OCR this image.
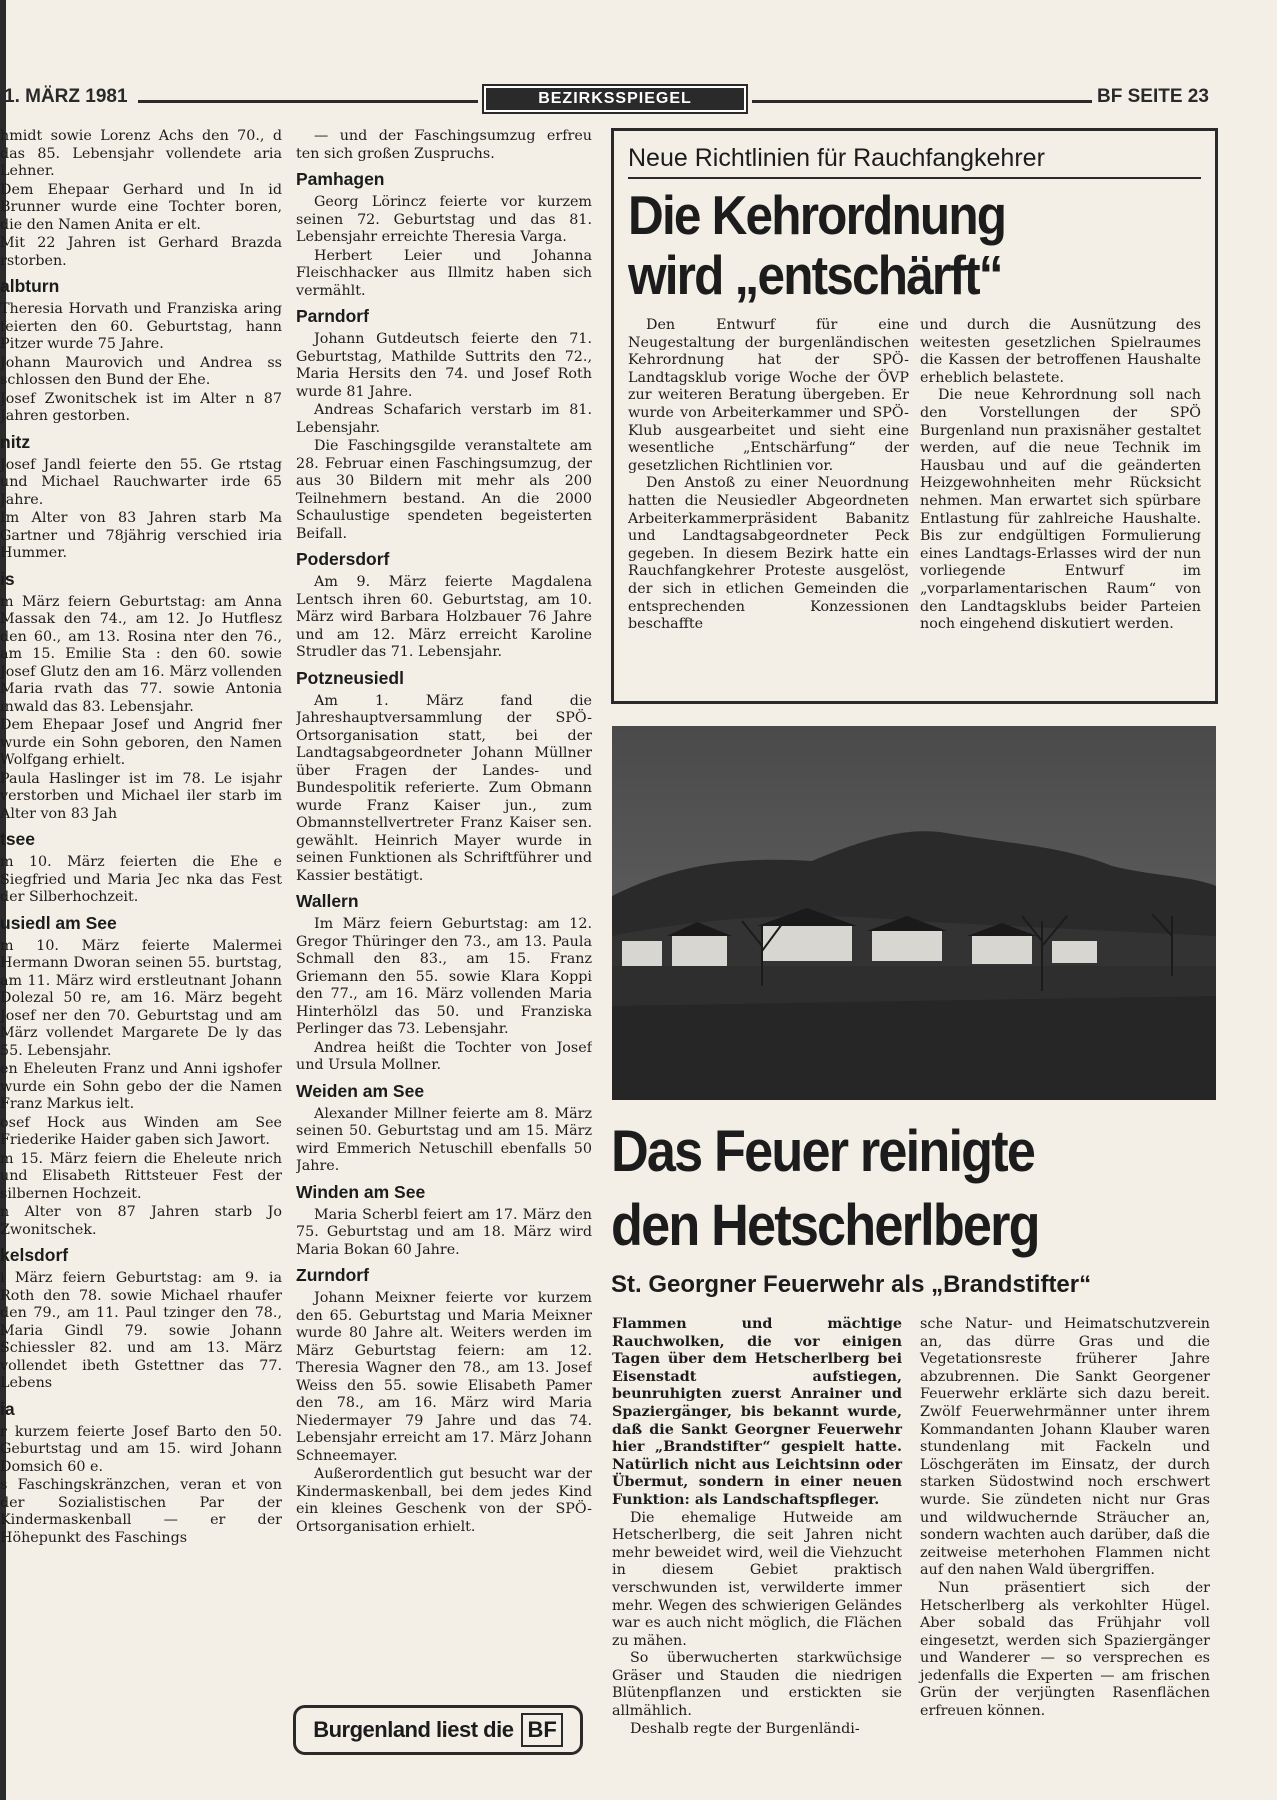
1. MÄRZ 1981	BEZIRKSSPIEGEL	BF SEITE 23

hmidt sowie Lorenz Achs den 70., d das 85. Lebensjahr vollendete aria Lehner.

Dem Ehepaar Gerhard und In id Brunner wurde eine Tochter boren, die den Namen Anita er elt.

Mit 22 Jahren ist Gerhard Brazda rstorben.

albturn

Theresia Horvath und Franziska aring feierten den 60. Geburtstag, hann Pitzer wurde 75 Jahre.

Johann Maurovich und Andrea ss schlossen den Bund der Ehe.

Josef Zwonitschek ist im Alter n 87 Jahren gestorben.

nitz

Josef Jandl feierte den 55. Ge rtstag und Michael Rauchwarter irde 65 Jahre.

Im Alter von 83 Jahren starb Ma Gartner und 78jährig verschied iria Hummer.

is

m März feiern Geburtstag: am Anna Massak den 74., am 12. Jo Hutflesz den 60., am 13. Rosina nter den 76., am 15. Emilie Sta : den 60. sowie Josef Glutz den am 16. März vollenden Maria rvath das 77. sowie Antonia inwald das 83. Lebensjahr.

Dem Ehepaar Josef und Angrid fner wurde ein Sohn geboren, den Namen Wolfgang erhielt.

Paula Haslinger ist im 78. Le isjahr verstorben und Michael iler starb im Alter von 83 Jah

tsee

m 10. März feierten die Ehe e Siegfried und Maria Jec nka das Fest der Silberhochzeit.

usiedl am See

m 10. März feierte Malermei Hermann Dworan seinen 55. burtstag, am 11. März wird erstleutnant Johann Dolezal 50 re, am 16. März begeht Josef ner den 70. Geburtstag und am März vollendet Margarete De ly das 55. Lebensjahr.

en Eheleuten Franz und Anni igshofer wurde ein Sohn gebo der die Namen Franz Markus ielt.

osef Hock aus Winden am See Friederike Haider gaben sich Jawort.

m 15. März feiern die Eheleute nrich und Elisabeth Rittsteuer Fest der silbernen Hochzeit.

n Alter von 87 Jahren starb Jo Zwonitschek.

kelsdorf

i März feiern Geburtstag: am 9. ia Roth den 78. sowie Michael rhaufer den 79., am 11. Paul tzinger den 78., Maria Gindl 79. sowie Johann Schiessler 82. und am 13. März vollendet ibeth Gstettner das 77. Lebens

ia

r kurzem feierte Josef Barto den 50. Geburtstag und am 15. wird Johann Domsich 60 e.

s Faschingskränzchen, veran et von der Sozialistischen Par der Kindermaskenball — er der Höhepunkt des Faschings

— und der Faschingsumzug erfreu ten sich großen Zuspruchs.

Pamhagen

Georg Lörincz feierte vor kurzem seinen 72. Geburtstag und das 81. Lebensjahr erreichte Theresia Varga.

Herbert Leier und Johanna Fleischhacker aus Illmitz haben sich vermählt.

Parndorf

Johann Gutdeutsch feierte den 71. Geburtstag, Mathilde Suttrits den 72., Maria Hersits den 74. und Josef Roth wurde 81 Jahre.

Andreas Schafarich verstarb im 81. Lebensjahr.

Die Faschingsgilde veranstaltete am 28. Februar einen Faschingsumzug, der aus 30 Bildern mit mehr als 200 Teilnehmern bestand. An die 2000 Schaulustige spendeten begeisterten Beifall.

Podersdorf

Am 9. März feierte Magdalena Lentsch ihren 60. Geburtstag, am 10. März wird Barbara Holzbauer 76 Jahre und am 12. März erreicht Karoline Strudler das 71. Lebensjahr.

Potzneusiedl

Am 1. März fand die Jahreshauptversammlung der SPÖ-Ortsorganisation statt, bei der Landtagsabgeordneter Johann Müllner über Fragen der Landes- und Bundespolitik referierte. Zum Obmann wurde Franz Kaiser jun., zum Obmannstellvertreter Franz Kaiser sen. gewählt. Heinrich Mayer wurde in seinen Funktionen als Schriftführer und Kassier bestätigt.

Wallern

Im März feiern Geburtstag: am 12. Gregor Thüringer den 73., am 13. Paula Schmall den 83., am 15. Franz Griemann den 55. sowie Klara Koppi den 77., am 16. März vollenden Maria Hinterhölzl das 50. und Franziska Perlinger das 73. Lebensjahr.

Andrea heißt die Tochter von Josef und Ursula Mollner.

Weiden am See

Alexander Millner feierte am 8. März seinen 50. Geburtstag und am 15. März wird Emmerich Netuschill ebenfalls 50 Jahre.

Winden am See

Maria Scherbl feiert am 17. März den 75. Geburtstag und am 18. März wird Maria Bokan 60 Jahre.

Zurndorf

Johann Meixner feierte vor kurzem den 65. Geburtstag und Maria Meixner wurde 80 Jahre alt. Weiters werden im März Geburtstag feiern: am 12. Theresia Wagner den 78., am 13. Josef Weiss den 55. sowie Elisabeth Pamer den 78., am 16. März wird Maria Niedermayer 79 Jahre und das 74. Lebensjahr erreicht am 17. März Johann Schneemayer.

Außerordentlich gut besucht war der Kindermaskenball, bei dem jedes Kind ein kleines Geschenk von der SPÖ-Ortsorganisation erhielt.

Neue Richtlinien für Rauchfangkehrer
Die Kehrordnung
wird „entschärft“

Den Entwurf für eine Neugestaltung der burgenländischen Kehrordnung hat der SPÖ-Landtagsklub vorige Woche der ÖVP zur weiteren Beratung übergeben. Er wurde von Arbeiterkammer und SPÖ-Klub ausgearbeitet und sieht eine wesentliche „Entschärfung“ der gesetzlichen Richtlinien vor.

Den Anstoß zu einer Neuordnung hatten die Neusiedler Abgeordneten Arbeiterkammerpräsident Babanitz und Landtagsabgeordneter Peck gegeben. In diesem Bezirk hatte ein Rauchfangkehrer Proteste ausgelöst, der sich in etlichen Gemeinden die entsprechenden Konzessionen beschaffte

und durch die Ausnützung des weitesten gesetzlichen Spielraumes die Kassen der betroffenen Haushalte erheblich belastete.

Die neue Kehrordnung soll nach den Vorstellungen der SPÖ Burgenland nun praxisnäher gestaltet werden, auf die neue Technik im Hausbau und auf die geänderten Heizgewohnheiten mehr Rücksicht nehmen. Man erwartet sich spürbare Entlastung für zahlreiche Haushalte. Bis zur endgültigen Formulierung eines Landtags-Erlasses wird der nun vorliegende Entwurf im „vorparlamentarischen Raum“ von den Landtagsklubs beider Parteien noch eingehend diskutiert werden.

Das Feuer reinigte
den Hetscherlberg
St. Georgner Feuerwehr als „Brandstifter“

Flammen und mächtige Rauchwolken, die vor einigen Tagen über dem Hetscherlberg bei Eisenstadt aufstiegen, beunruhigten zuerst Anrainer und Spaziergänger, bis bekannt wurde, daß die Sankt Georgner Feuerwehr hier „Brandstifter“ gespielt hatte. Natürlich nicht aus Leichtsinn oder Übermut, sondern in einer neuen Funktion: als Landschaftspfleger.

Die ehemalige Hutweide am Hetscherlberg, die seit Jahren nicht mehr beweidet wird, weil die Viehzucht in diesem Gebiet praktisch verschwunden ist, verwilderte immer mehr. Wegen des schwierigen Geländes war es auch nicht möglich, die Flächen zu mähen.

So überwucherten starkwüchsige Gräser und Stauden die niedrigen Blütenpflanzen und erstickten sie allmählich.

Deshalb regte der Burgenländi-

sche Natur- und Heimatschutzverein an, das dürre Gras und die Vegetationsreste früherer Jahre abzubrennen. Die Sankt Georgener Feuerwehr erklärte sich dazu bereit. Zwölf Feuerwehrmänner unter ihrem Kommandanten Johann Klauber waren stundenlang mit Fackeln und Löschgeräten im Einsatz, der durch starken Südostwind noch erschwert wurde. Sie zündeten nicht nur Gras und wildwuchernde Sträucher an, sondern wachten auch darüber, daß die zeitweise meterhohen Flammen nicht auf den nahen Wald übergriffen.

Nun präsentiert sich der Hetscherlberg als verkohlter Hügel. Aber sobald das Frühjahr voll eingesetzt, werden sich Spaziergänger und Wanderer — so versprechen es jedenfalls die Experten — am frischen Grün der verjüngten Rasenflächen erfreuen können.

Burgenland liest die BF
